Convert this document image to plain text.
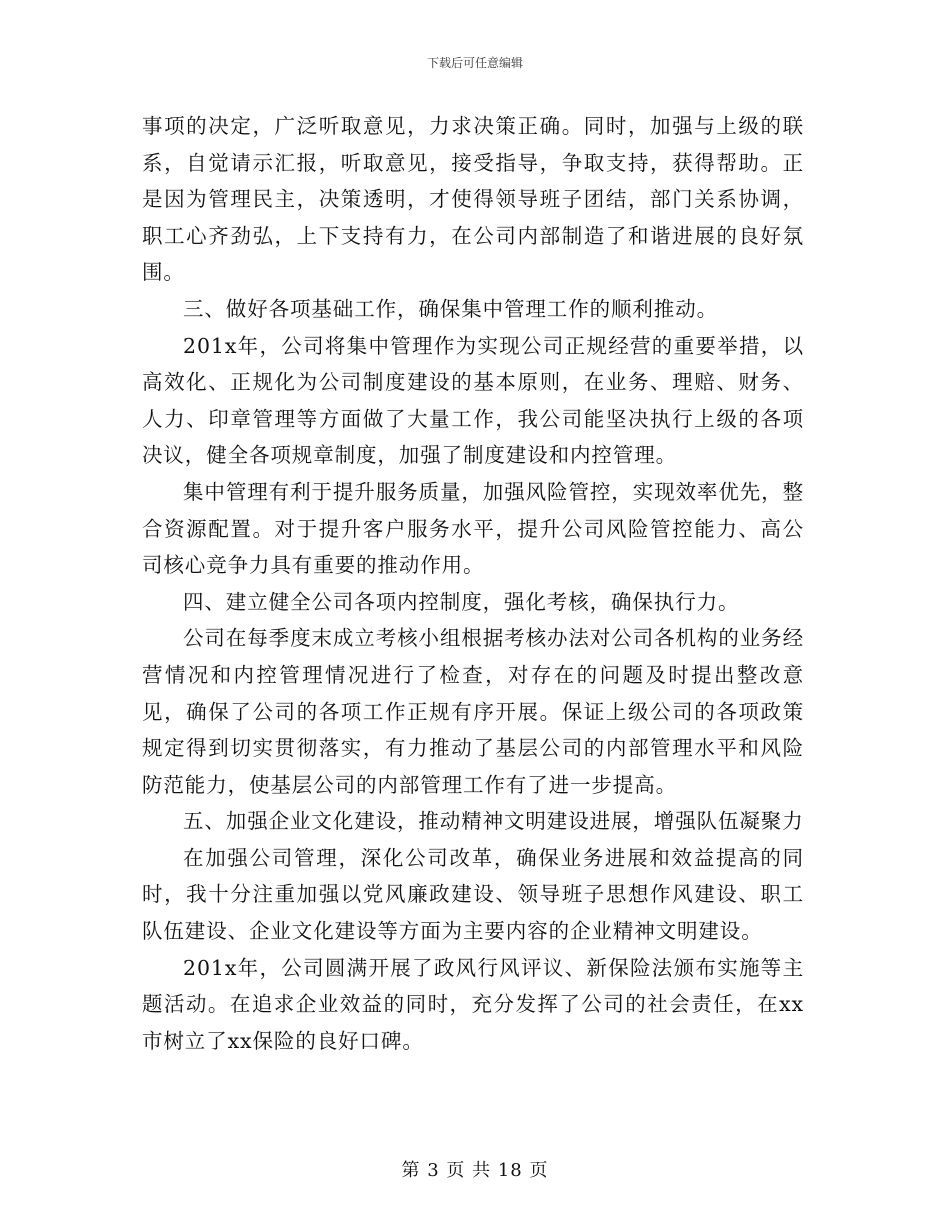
下载后可任意编辑

事项的决定，广泛听取意见，力求决策正确。同时，加强与上级的联系，自觉请示汇报，听取意见，接受指导，争取支持，获得帮助。正是因为管理民主，决策透明，才使得领导班子团结，部门关系协调，职工心齐劲弘，上下支持有力，在公司内部制造了和谐进展的良好氛围。

三、做好各项基础工作，确保集中管理工作的顺利推动。

201x年，公司将集中管理作为实现公司正规经营的重要举措，以高效化、正规化为公司制度建设的基本原则，在业务、理赔、财务、人力、印章管理等方面做了大量工作，我公司能坚决执行上级的各项决议，健全各项规章制度，加强了制度建设和内控管理。

集中管理有利于提升服务质量，加强风险管控，实现效率优先，整合资源配置。对于提升客户服务水平，提升公司风险管控能力、高公司核心竞争力具有重要的推动作用。

四、建立健全公司各项内控制度，强化考核，确保执行力。

公司在每季度末成立考核小组根据考核办法对公司各机构的业务经营情况和内控管理情况进行了检查，对存在的问题及时提出整改意见，确保了公司的各项工作正规有序开展。保证上级公司的各项政策规定得到切实贯彻落实，有力推动了基层公司的内部管理水平和风险防范能力，使基层公司的内部管理工作有了进一步提高。

五、加强企业文化建设，推动精神文明建设进展，增强队伍凝聚力

在加强公司管理，深化公司改革，确保业务进展和效益提高的同时，我十分注重加强以党风廉政建设、领导班子思想作风建设、职工队伍建设、企业文化建设等方面为主要内容的企业精神文明建设。

201x年，公司圆满开展了政风行风评议、新保险法颁布实施等主题活动。在追求企业效益的同时，充分发挥了公司的社会责任，在xx市树立了xx保险的良好口碑。

第 3 页 共 18 页
